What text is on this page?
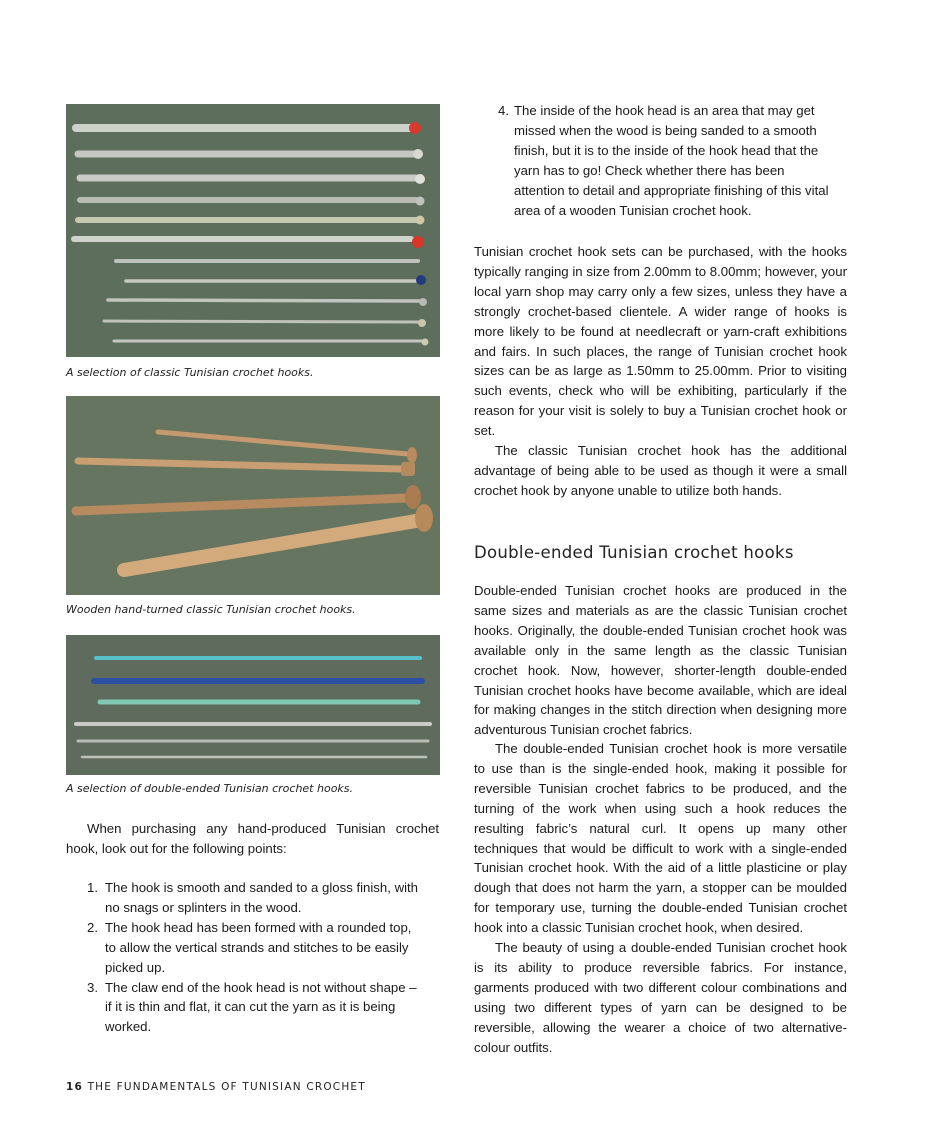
A selection of classic Tunisian crochet hooks.
Wooden hand-turned classic Tunisian crochet hooks.
A selection of double-ended Tunisian crochet hooks.

When purchasing any hand-produced Tunisian crochet hook, look out for the following points:

1. The hook is smooth and sanded to a gloss finish, with no snags or splinters in the wood.
2. The hook head has been formed with a rounded top, to allow the vertical strands and stitches to be easily picked up.
3. The claw end of the hook head is not without shape – if it is thin and flat, it can cut the yarn as it is being worked.
4. The inside of the hook head is an area that may get missed when the wood is being sanded to a smooth finish, but it is to the inside of the hook head that the yarn has to go! Check whether there has been attention to detail and appropriate finishing of this vital area of a wooden Tunisian crochet hook.

Tunisian crochet hook sets can be purchased, with the hooks typically ranging in size from 2.00mm to 8.00mm; however, your local yarn shop may carry only a few sizes, unless they have a strongly crochet-based clientele. A wider range of hooks is more likely to be found at needlecraft or yarn-craft exhibitions and fairs. In such places, the range of Tunisian crochet hook sizes can be as large as 1.50mm to 25.00mm. Prior to visiting such events, check who will be exhibiting, particularly if the reason for your visit is solely to buy a Tunisian crochet hook or set.

The classic Tunisian crochet hook has the additional advantage of being able to be used as though it were a small crochet hook by anyone unable to utilize both hands.

Double-ended Tunisian crochet hooks

Double-ended Tunisian crochet hooks are produced in the same sizes and materials as are the classic Tunisian crochet hooks. Originally, the double-ended Tunisian crochet hook was available only in the same length as the classic Tunisian crochet hook. Now, however, shorter-length double-ended Tunisian crochet hooks have become available, which are ideal for making changes in the stitch direction when designing more adventurous Tunisian crochet fabrics.

The double-ended Tunisian crochet hook is more versatile to use than is the single-ended hook, making it possible for reversible Tunisian crochet fabrics to be produced, and the turning of the work when using such a hook reduces the resulting fabric’s natural curl. It opens up many other techniques that would be difficult to work with a single-ended Tunisian crochet hook. With the aid of a little plasticine or play dough that does not harm the yarn, a stopper can be moulded for temporary use, turning the double-ended Tunisian crochet hook into a classic Tunisian crochet hook, when desired.

The beauty of using a double-ended Tunisian crochet hook is its ability to produce reversible fabrics. For instance, garments produced with two different colour combinations and using two different types of yarn can be designed to be reversible, allowing the wearer a choice of two alternative-colour outfits.

16 THE FUNDAMENTALS OF TUNISIAN CROCHET
